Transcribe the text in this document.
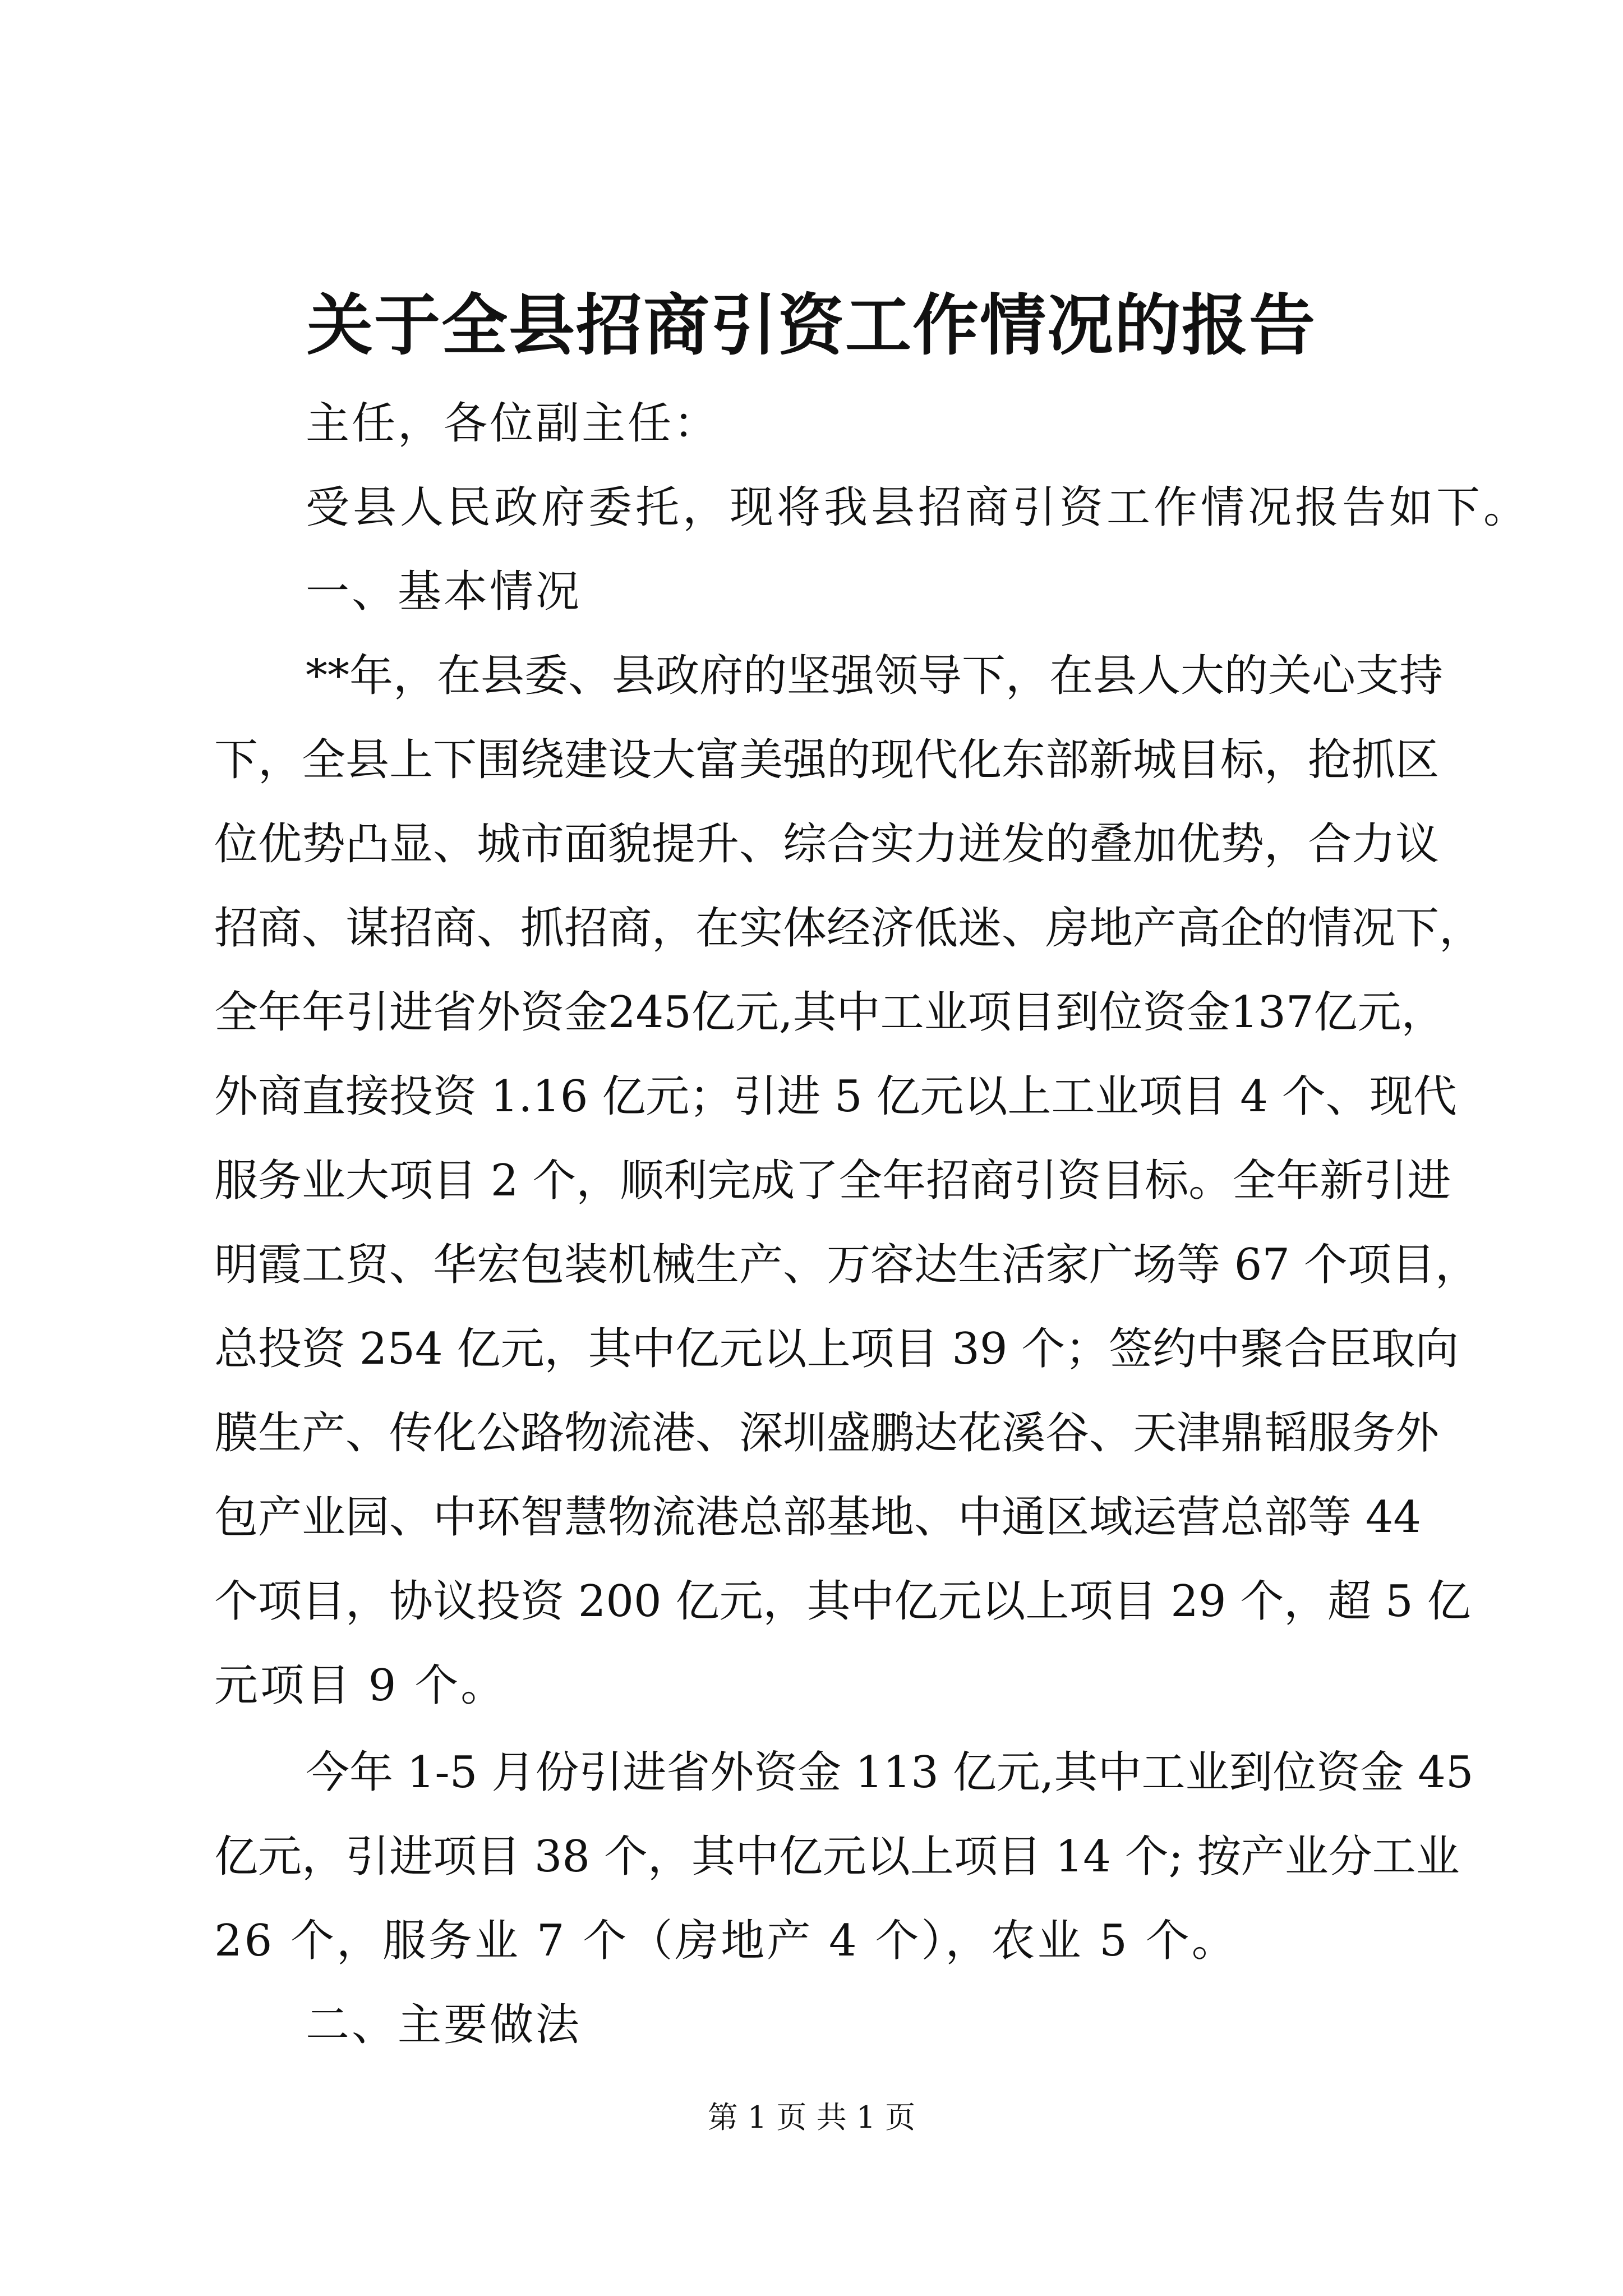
关于全县招商引资工作情况的报告
主任，各位副主任：
受县人民政府委托，现将我县招商引资工作情况报告如下。
一、基本情况
**年，在县委、县政府的坚强领导下，在县人大的关心支持
下，全县上下围绕建设大富美强的现代化东部新城目标，抢抓区
位优势凸显、城市面貌提升、综合实力迸发的叠加优势，合力议
招商、谋招商、抓招商，在实体经济低迷、房地产高企的情况下，
全年年引进省外资金245亿元,其中工业项目到位资金137亿元，
外商直接投资 1.16 亿元；引进 5 亿元以上工业项目 4 个、现代
服务业大项目 2 个，顺利完成了全年招商引资目标。全年新引进
明霞工贸、华宏包装机械生产、万容达生活家广场等 67 个项目，
总投资 254 亿元，其中亿元以上项目 39 个；签约中聚合臣取向
膜生产、传化公路物流港、深圳盛鹏达花溪谷、天津鼎韬服务外
包产业园、中环智慧物流港总部基地、中通区域运营总部等 44
个项目，协议投资 200 亿元，其中亿元以上项目 29 个，超 5 亿
元项目 9 个。
今年 1-5 月份引进省外资金 113 亿元,其中工业到位资金 45
亿元，引进项目 38 个，其中亿元以上项目 14 个; 按产业分工业
26 个，服务业 7 个（房地产 4 个），农业 5 个。
二、主要做法
第 1 页 共 1 页
